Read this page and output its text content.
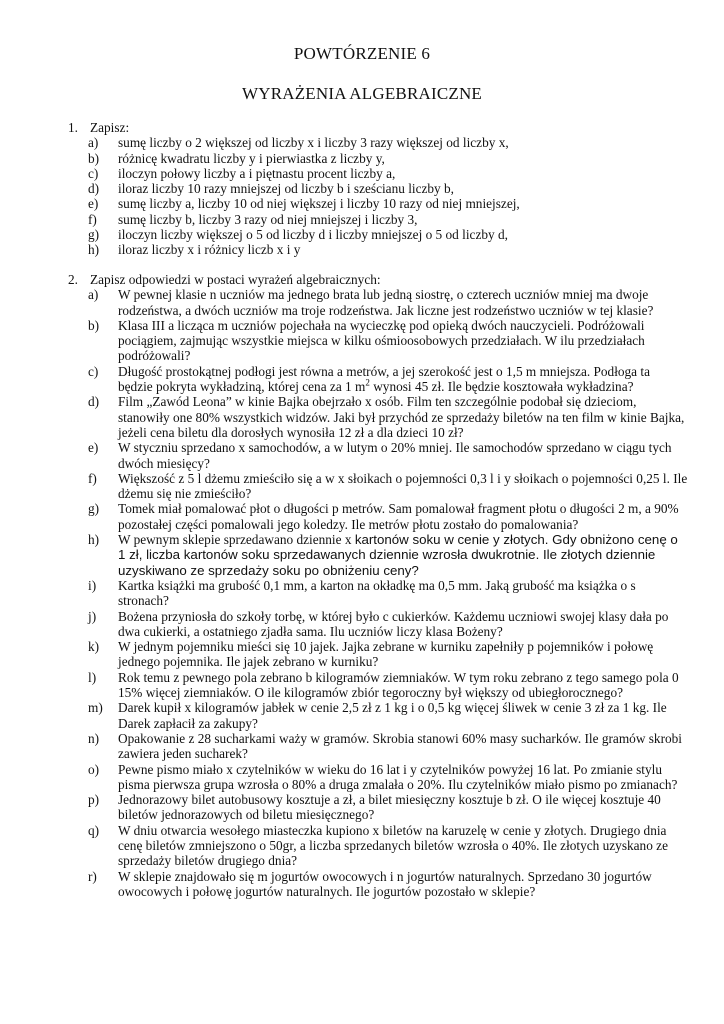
POWTÓRZENIE 6
WYRAŻENIA ALGEBRAICZNE
1. Zapisz:
a)	sumę liczby o 2 większej od liczby x i liczby 3 razy większej od liczby x,
b)	różnicę kwadratu liczby y i pierwiastka z liczby y,
c)	iloczyn połowy liczby a i piętnastu procent liczby a,
d)	iloraz liczby 10 razy mniejszej od liczby b i sześcianu liczby b,
e)	sumę liczby a, liczby 10 od niej większej i liczby 10 razy od niej mniejszej,
f)	sumę liczby b, liczby 3 razy od niej mniejszej i liczby 3,
g)	iloczyn liczby większej o 5 od liczby d i liczby mniejszej o 5 od liczby d,
h)	iloraz liczby x i różnicy liczb x i y
2. Zapisz odpowiedzi w postaci wyrażeń algebraicznych:
a)	W pewnej klasie n uczniów ma jednego brata lub jedną siostrę, o czterech uczniów mniej ma dwoje rodzeństwa, a dwóch uczniów ma troje rodzeństwa. Jak liczne jest rodzeństwo uczniów w tej klasie?
b)	Klasa III a licząca m uczniów pojechała na wycieczkę pod opieką dwóch nauczycieli. Podróżowali pociągiem, zajmując wszystkie miejsca w kilku ośmioosobowych przedziałach. W ilu przedziałach podróżowali?
c)	Długość prostokątnej podłogi jest równa a metrów, a jej szerokość jest o 1,5 m mniejsza. Podłoga ta będzie pokryta wykładziną, której cena za 1 $m^2$ wynosi 45 zł. Ile będzie kosztowała wykładzina?
d)	Film „Zawód Leona” w kinie Bajka obejrzało x osób. Film ten szczególnie podobał się dzieciom, stanowiły one 80% wszystkich widzów. Jaki był przychód ze sprzedaży biletów na ten film w kinie Bajka, jeżeli cena biletu dla dorosłych wynosiła 12 zł a dla dzieci 10 zł?
e)	W styczniu sprzedano x samochodów, a w lutym o 20% mniej. Ile samochodów sprzedano w ciągu tych dwóch miesięcy?
f)	Większość z 5 l dżemu zmieściło się a w x słoikach o pojemności 0,3 l i y słoikach o pojemności 0,25 l. Ile dżemu się nie zmieściło?
g)	Tomek miał pomalować płot o długości p metrów. Sam pomalował fragment płotu o długości 2 m, a 90% pozostałej części pomalowali jego koledzy. Ile metrów płotu zostało do pomalowania?
h)	W pewnym sklepie sprzedawano dziennie x kartonów soku w cenie y złotych. Gdy obniżono cenę o 1 zł, liczba kartonów soku sprzedawanych dziennie wzrosła dwukrotnie. Ile złotych dziennie uzyskiwano ze sprzedaży soku po obniżeniu ceny?
i)	Kartka książki ma grubość 0,1 mm, a karton na okładkę ma 0,5 mm. Jaką grubość ma książka o s stronach?
j)	Bożena przyniosła do szkoły torbę, w której było c cukierków. Każdemu uczniowi swojej klasy dała po dwa cukierki, a ostatniego zjadła sama. Ilu uczniów liczy klasa Bożeny?
k)	W jednym pojemniku mieści się 10 jajek. Jajka zebrane w kurniku zapełniły p pojemników i połowę jednego pojemnika. Ile jajek zebrano w kurniku?
l)	Rok temu z pewnego pola zebrano b kilogramów ziemniaków. W tym roku zebrano z tego samego pola 0 15% więcej ziemniaków. O ile kilogramów zbiór tegoroczny był większy od ubiegłorocznego?
m)	Darek kupił x kilogramów jabłek w cenie 2,5 zł z 1 kg i o 0,5 kg więcej śliwek w cenie 3 zł za 1 kg. Ile Darek zapłacił za zakupy?
n)	Opakowanie z 28 sucharkami waży w gramów. Skrobia stanowi 60% masy sucharków. Ile gramów skrobi zawiera jeden sucharek?
o)	Pewne pismo miało x czytelników w wieku do 16 lat i y czytelników powyżej 16 lat. Po zmianie stylu pisma pierwsza grupa wzrosła o 80% a druga zmalała o 20%. Ilu czytelników miało pismo po zmianach?
p)	Jednorazowy bilet autobusowy kosztuje a zł, a bilet miesięczny kosztuje b zł. O ile więcej kosztuje 40 biletów jednorazowych od biletu miesięcznego?
q)	W dniu otwarcia wesołego miasteczka kupiono x biletów na karuzelę w cenie y złotych. Drugiego dnia cenę biletów zmniejszono o 50gr, a liczba sprzedanych biletów wzrosła o 40%. Ile złotych uzyskano ze sprzedaży biletów drugiego dnia?
r)	W sklepie znajdowało się m jogurtów owocowych i n jogurtów naturalnych. Sprzedano 30 jogurtów owocowych i połowę jogurtów naturalnych. Ile jogurtów pozostało w sklepie?
